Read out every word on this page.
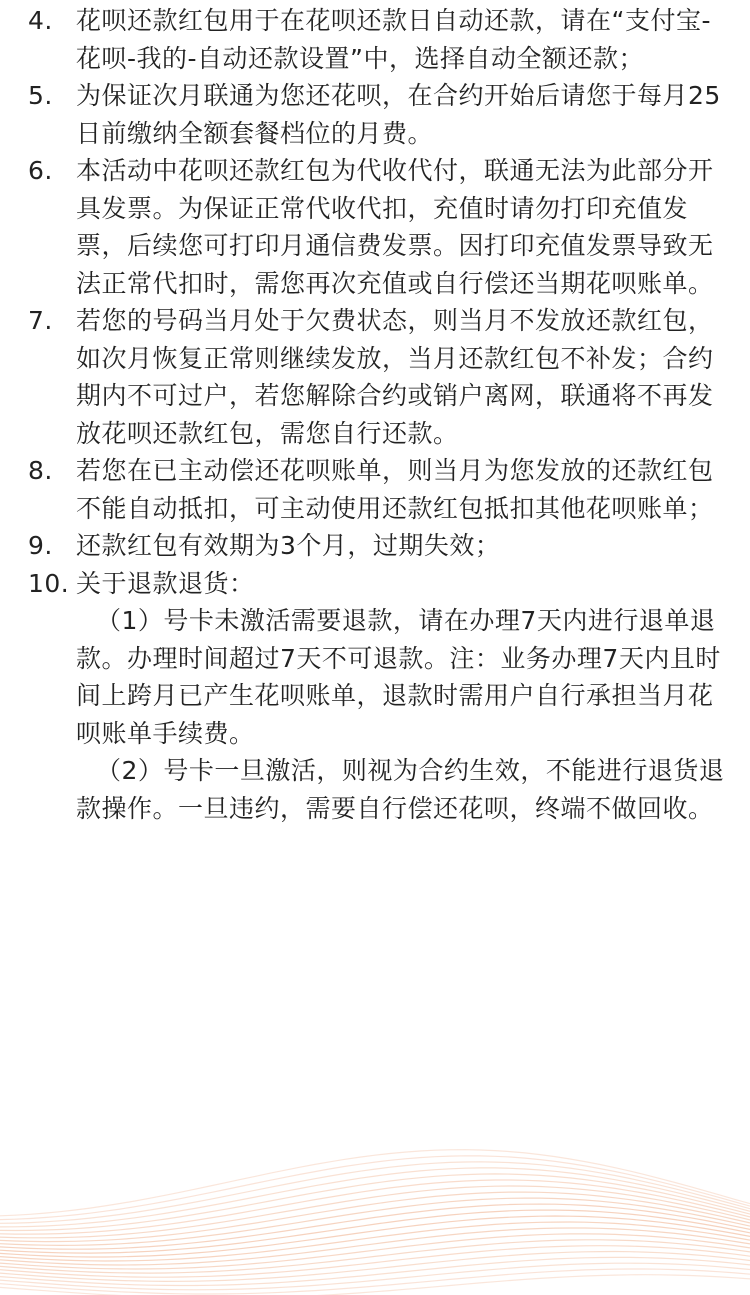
4. 花呗还款红包用于在花呗还款日自动还款，请在“支付宝-花呗-我的-自动还款设置”中，选择自动全额还款；
5. 为保证次月联通为您还花呗，在合约开始后请您于每月25日前缴纳全额套餐档位的月费。
6. 本活动中花呗还款红包为代收代付，联通无法为此部分开具发票。为保证正常代收代扣，充值时请勿打印充值发票，后续您可打印月通信费发票。因打印充值发票导致无法正常代扣时，需您再次充值或自行偿还当期花呗账单。
7. 若您的号码当月处于欠费状态，则当月不发放还款红包，如次月恢复正常则继续发放，当月还款红包不补发；合约期内不可过户，若您解除合约或销户离网，联通将不再发放花呗还款红包，需您自行还款。
8. 若您在已主动偿还花呗账单，则当月为您发放的还款红包不能自动抵扣，可主动使用还款红包抵扣其他花呗账单；
9. 还款红包有效期为3个月，过期失效；
10. 关于退款退货：
（1）号卡未激活需要退款，请在办理7天内进行退单退款。办理时间超过7天不可退款。注：业务办理7天内且时间上跨月已产生花呗账单，退款时需用户自行承担当月花呗账单手续费。
（2）号卡一旦激活，则视为合约生效，不能进行退货退款操作。一旦违约，需要自行偿还花呗，终端不做回收。
